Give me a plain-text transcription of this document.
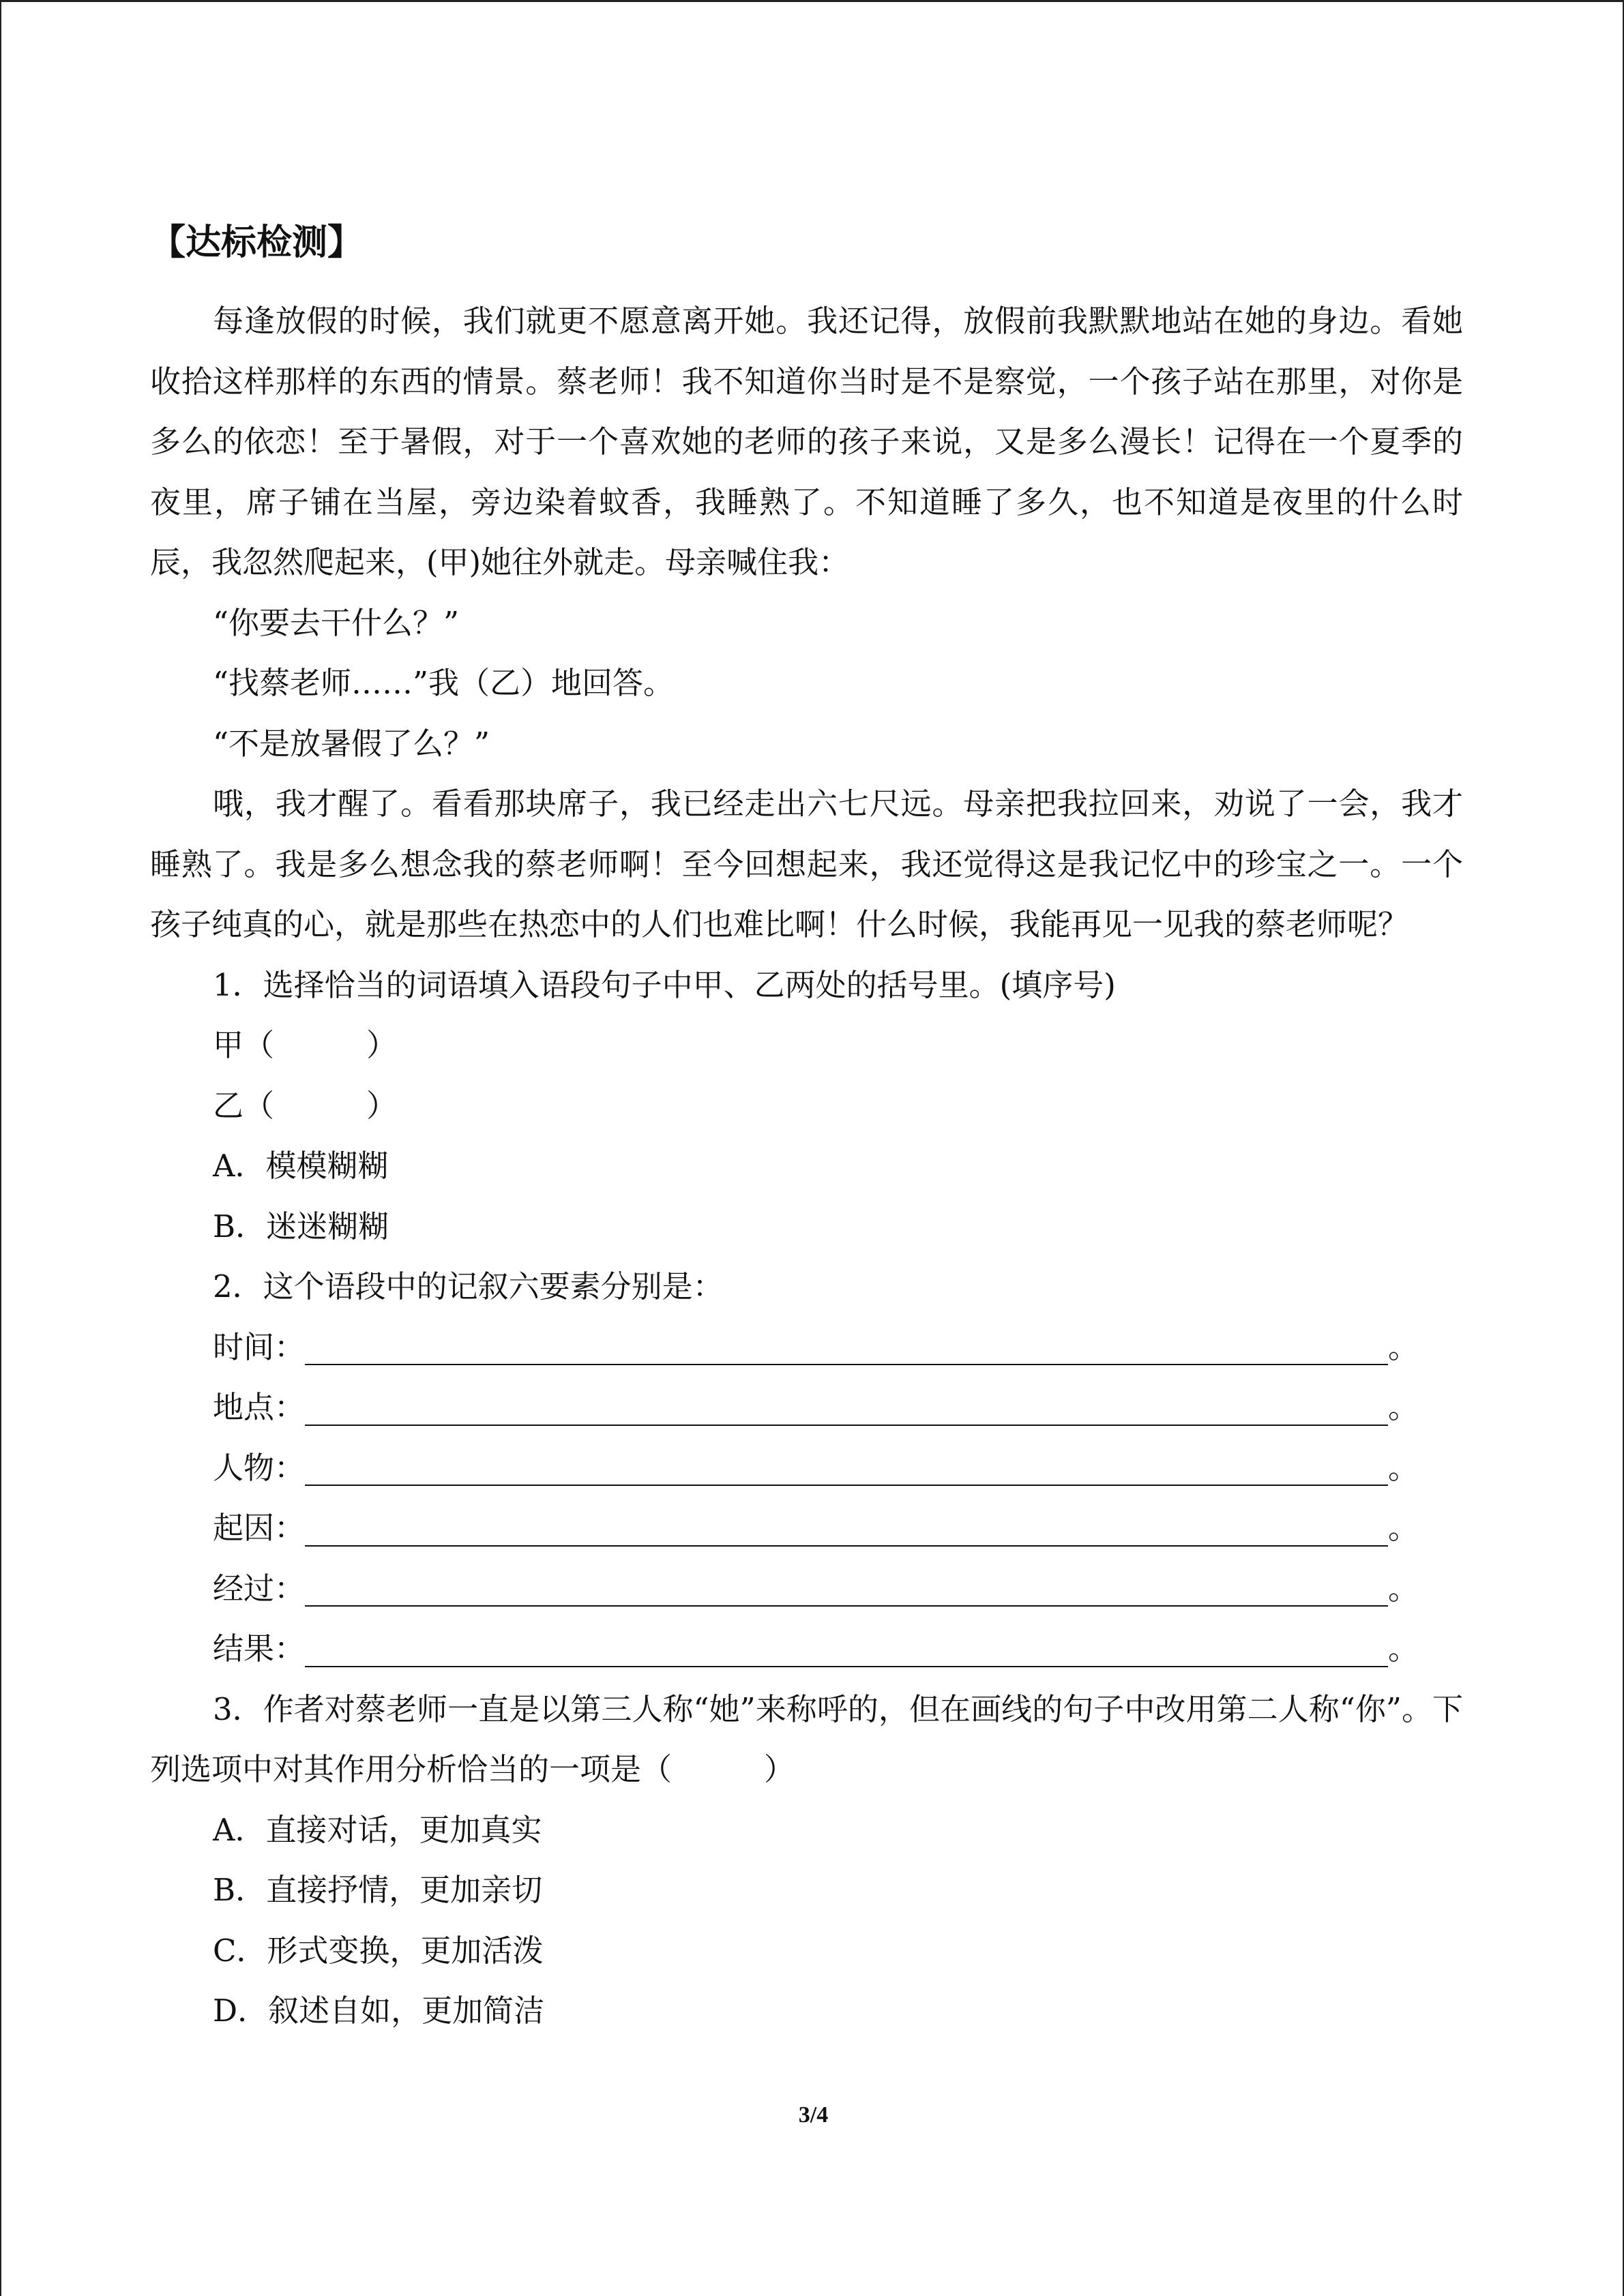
【达标检测】

每逢放假的时候，我们就更不愿意离开她。我还记得，放假前我默默地站在她的身边。看她收拾这样那样的东西的情景。蔡老师！我不知道你当时是不是察觉，一个孩子站在那里，对你是多么的依恋！至于暑假，对于一个喜欢她的老师的孩子来说，又是多么漫长！记得在一个夏季的夜里，席子铺在当屋，旁边染着蚊香，我睡熟了。不知道睡了多久，也不知道是夜里的什么时辰，我忽然爬起来，(甲)她往外就走。母亲喊住我：

“你要去干什么？”
“找蔡老师……”我（乙）地回答。
“不是放暑假了么？”

哦，我才醒了。看看那块席子，我已经走出六七尺远。母亲把我拉回来，劝说了一会，我才睡熟了。我是多么想念我的蔡老师啊！至今回想起来，我还觉得这是我记忆中的珍宝之一。一个孩子纯真的心，就是那些在热恋中的人们也难比啊！什么时候，我能再见一见我的蔡老师呢？

1．选择恰当的词语填入语段句子中甲、乙两处的括号里。(填序号)
甲（　　　）
乙（　　　）
A．模模糊糊
B．迷迷糊糊
2．这个语段中的记叙六要素分别是：
时间：	。
地点：	。
人物：	。
起因：	。
经过：	。
结果：	。

3．作者对蔡老师一直是以第三人称“她”来称呼的，但在画线的句子中改用第二人称“你”。下列选项中对其作用分析恰当的一项是（　　　）

A．直接对话，更加真实
B．直接抒情，更加亲切
C．形式变换，更加活泼
D．叙述自如，更加简洁
3/4
